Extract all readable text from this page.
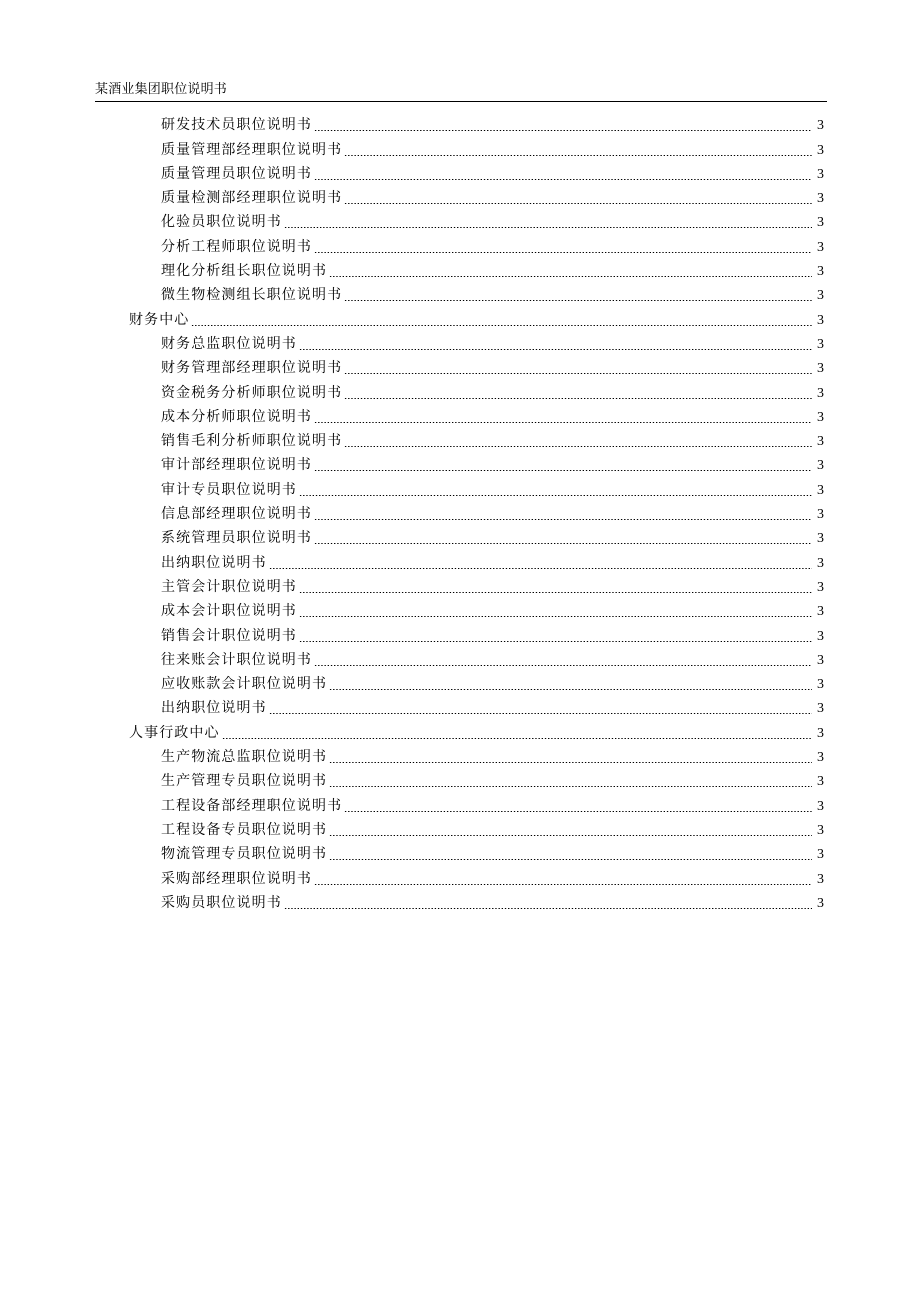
某酒业集团职位说明书
研发技术员职位说明书	3
质量管理部经理职位说明书	3
质量管理员职位说明书	3
质量检测部经理职位说明书	3
化验员职位说明书	3
分析工程师职位说明书	3
理化分析组长职位说明书	3
微生物检测组长职位说明书	3
财务中心	3
财务总监职位说明书	3
财务管理部经理职位说明书	3
资金税务分析师职位说明书	3
成本分析师职位说明书	3
销售毛利分析师职位说明书	3
审计部经理职位说明书	3
审计专员职位说明书	3
信息部经理职位说明书	3
系统管理员职位说明书	3
出纳职位说明书	3
主管会计职位说明书	3
成本会计职位说明书	3
销售会计职位说明书	3
往来账会计职位说明书	3
应收账款会计职位说明书	3
出纳职位说明书	3
人事行政中心	3
生产物流总监职位说明书	3
生产管理专员职位说明书	3
工程设备部经理职位说明书	3
工程设备专员职位说明书	3
物流管理专员职位说明书	3
采购部经理职位说明书	3
采购员职位说明书	3
